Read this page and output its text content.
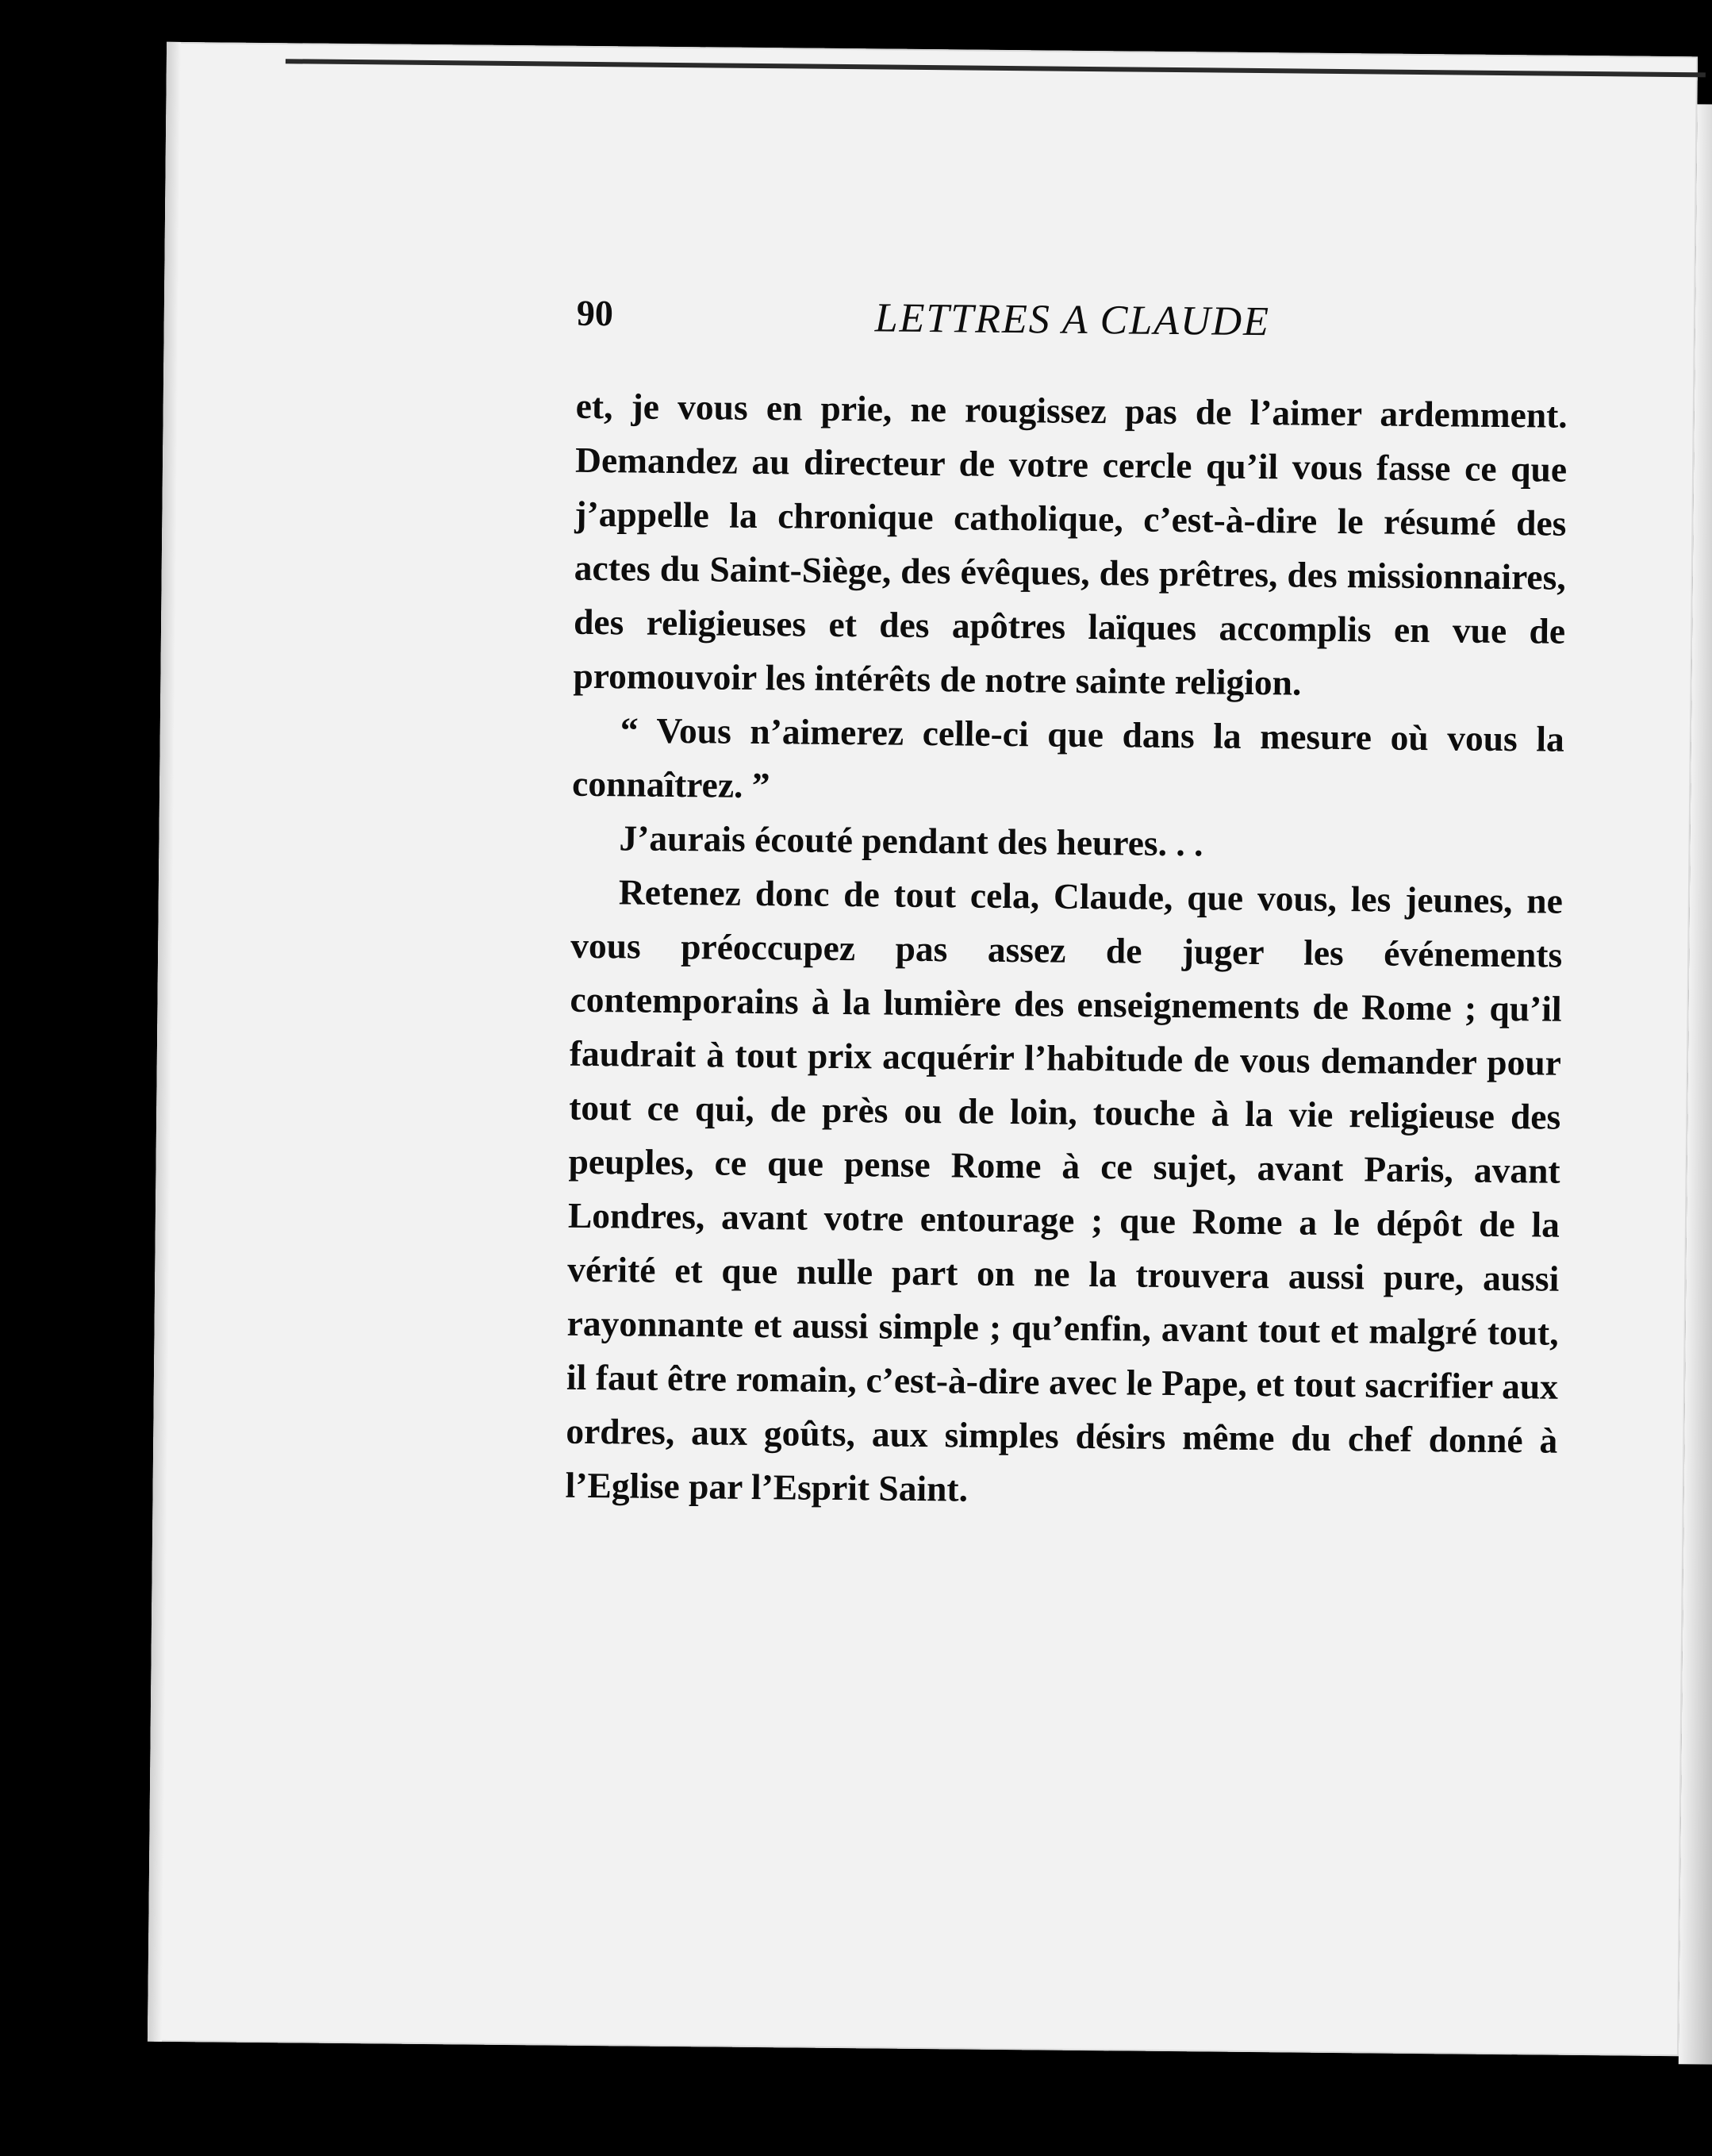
90	LETTRES A CLAUDE

et, je vous en prie, ne rougissez pas de l’aimer ardemment. Demandez au directeur de votre cercle qu’il vous fasse ce que j’appelle la chronique catholique, c’est-à-dire le résumé des actes du Saint-Siège, des évêques, des prêtres, des missionnaires, des religieuses et des apôtres laïques accomplis en vue de promouvoir les intérêts de notre sainte religion.

“ Vous n’aimerez celle-ci que dans la mesure où vous la connaîtrez. ”

J’aurais écouté pendant des heures. . .

Retenez donc de tout cela, Claude, que vous, les jeunes, ne vous préoccupez pas assez de juger les événements contemporains à la lumière des enseignements de Rome ; qu’il faudrait à tout prix acquérir l’habitude de vous demander pour tout ce qui, de près ou de loin, touche à la vie religieuse des peuples, ce que pense Rome à ce sujet, avant Paris, avant Londres, avant votre entourage ; que Rome a le dépôt de la vérité et que nulle part on ne la trouvera aussi pure, aussi rayonnante et aussi simple ; qu’enfin, avant tout et malgré tout, il faut être romain, c’est-à-dire avec le Pape, et tout sacrifier aux ordres, aux goûts, aux simples désirs même du chef donné à l’Eglise par l’Esprit Saint.
